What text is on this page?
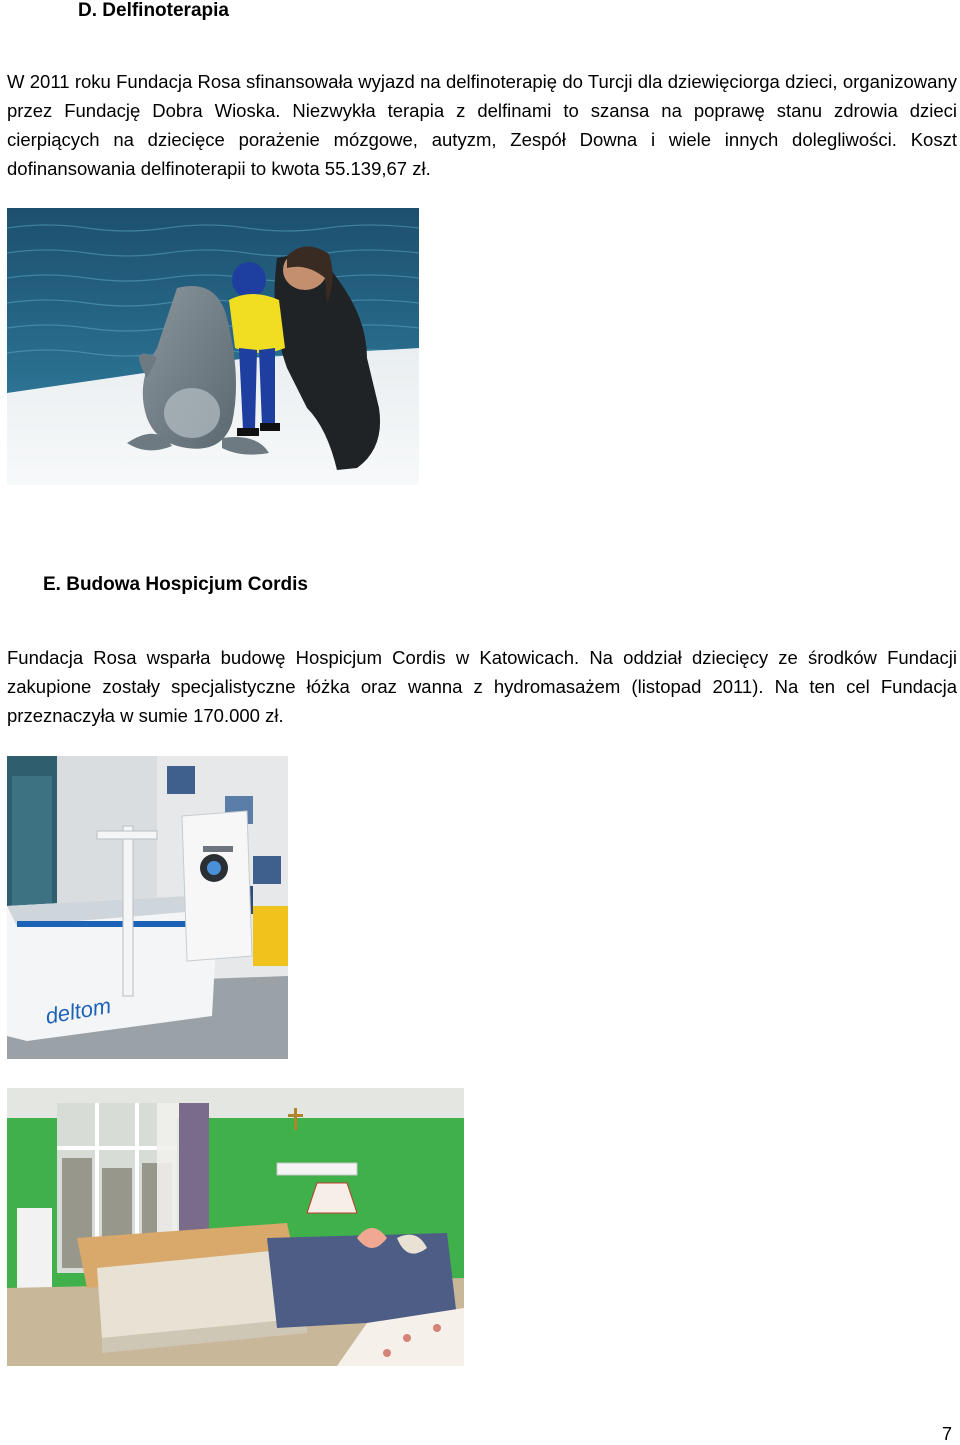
D. Delfinoterapia

W 2011 roku Fundacja Rosa sfinansowała wyjazd na delfinoterapię do Turcji dla dziewięciorga dzieci, organizowany przez Fundację Dobra Wioska. Niezwykła terapia z delfinami to szansa na poprawę stanu zdrowia dzieci cierpiących na dziecięce porażenie mózgowe, autyzm, Zespół Downa i wiele innych dolegliwości. Koszt dofinansowania delfinoterapii to kwota 55.139,67 zł.

E. Budowa Hospicjum Cordis

Fundacja Rosa wsparła budowę Hospicjum Cordis w Katowicach. Na oddział dziecięcy ze środków Fundacji zakupione zostały specjalistyczne łóżka oraz wanna z hydromasażem (listopad 2011). Na ten cel Fundacja przeznaczyła w sumie 170.000 zł.

deltom
7
